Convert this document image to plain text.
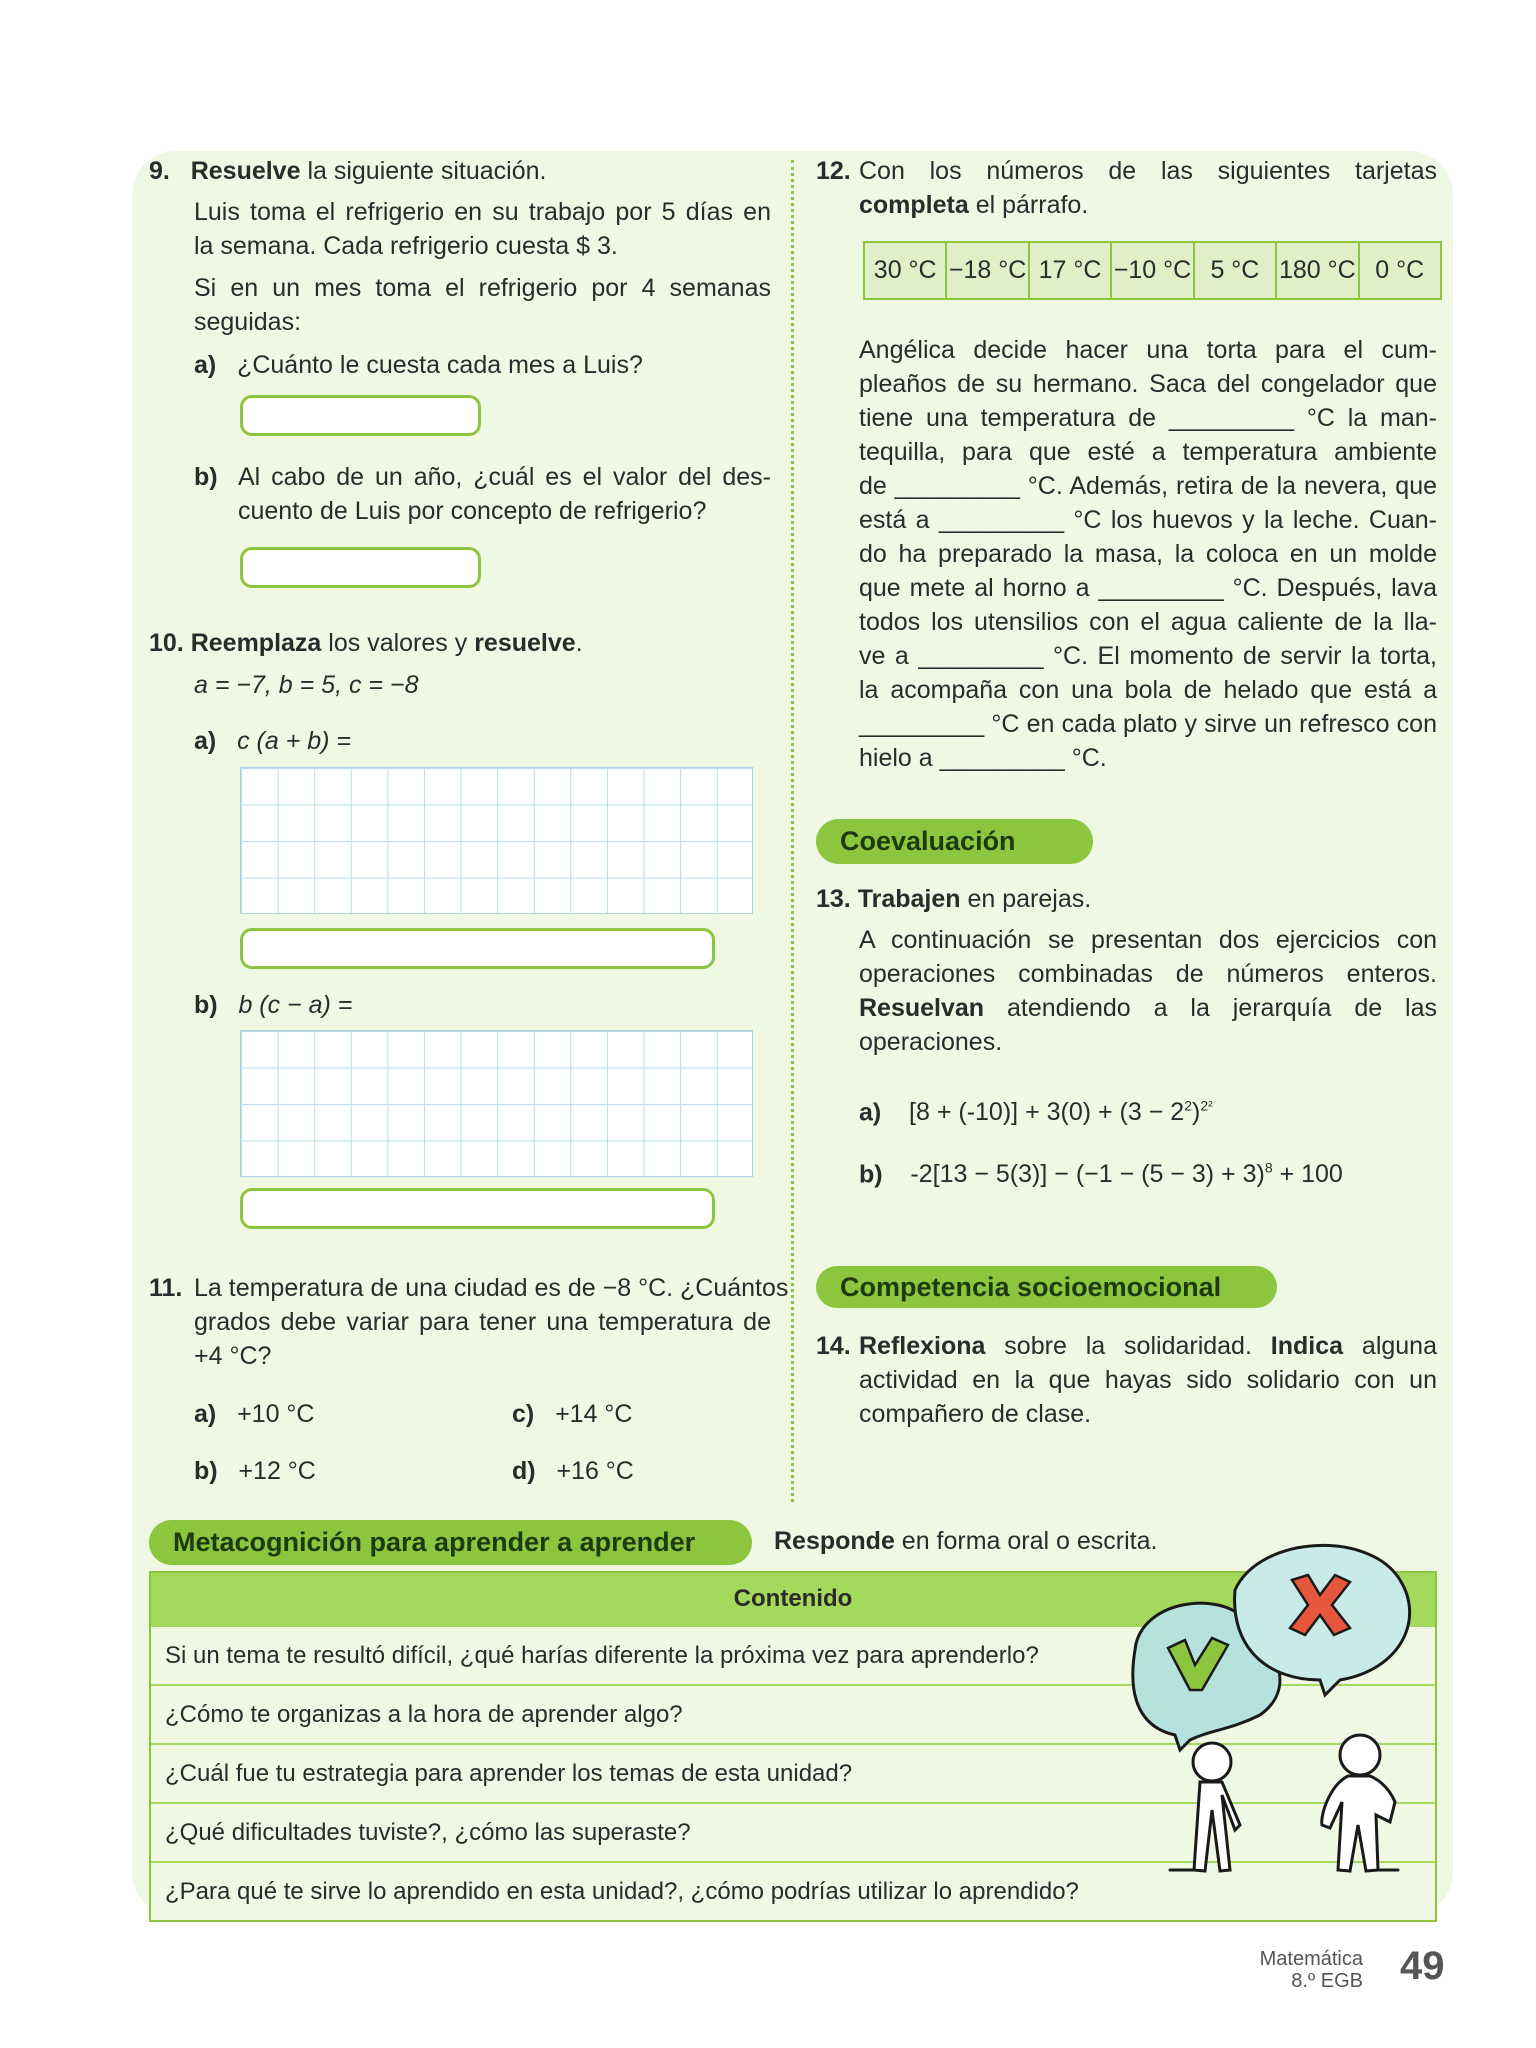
9. Resuelve la siguiente situación.
Luis toma el refrigerio en su trabajo por 5 días en
la semana. Cada refrigerio cuesta $ 3.
Si en un mes toma el refrigerio por 4 semanas
seguidas:
a) ¿Cuánto le cuesta cada mes a Luis?
b) Al cabo de un año, ¿cuál es el valor del des-
cuento de Luis por concepto de refrigerio?
10. Reemplaza los valores y resuelve.
a = −7, b = 5, c = −8
a) c (a + b) =
b) b (c − a) =
11. La temperatura de una ciudad es de −8 °C. ¿Cuántos
grados debe variar para tener una temperatura de
+4 °C?
a) +10 °C
b) +12 °C
c) +14 °C
d) +16 °C
12. Con los números de las siguientes tarjetas
completa el párrafo.
30 °C −18 °C 17 °C −10 °C 5 °C 180 °C 0 °C
Angélica decide hacer una torta para el cum-
pleaños de su hermano. Saca del congelador que
tiene una temperatura de _________ °C la man-
tequilla, para que esté a temperatura ambiente
de _________ °C. Además, retira de la nevera, que
está a _________ °C los huevos y la leche. Cuan-
do ha preparado la masa, la coloca en un molde
que mete al horno a _________ °C. Después, lava
todos los utensilios con el agua caliente de la lla-
ve a _________ °C. El momento de servir la torta,
la acompaña con una bola de helado que está a
_________ °C en cada plato y sirve un refresco con
hielo a _________ °C.
Coevaluación
13. Trabajen en parejas.
A continuación se presentan dos ejercicios con
operaciones combinadas de números enteros.
Resuelvan atendiendo a la jerarquía de las
operaciones.
a) $[8 + (-10)] + 3(0) + (3 - 2^2)^{2^2}$
b) $-2[13 - 5(3)] - (-1 - (5 - 3) + 3)^8 + 100$
Competencia socioemocional
14. Reflexiona sobre la solidaridad. Indica alguna
actividad en la que hayas sido solidario con un
compañero de clase.
Metacognición para aprender a aprender	Responde en forma oral o escrita.
Contenido
Si un tema te resultó difícil, ¿qué harías diferente la próxima vez para aprenderlo?
¿Cómo te organizas a la hora de aprender algo?
¿Cuál fue tu estrategia para aprender los temas de esta unidad?
¿Qué dificultades tuviste?, ¿cómo las superaste?
¿Para qué te sirve lo aprendido en esta unidad?, ¿cómo podrías utilizar lo aprendido?
Matemática
8.º EGB 49
